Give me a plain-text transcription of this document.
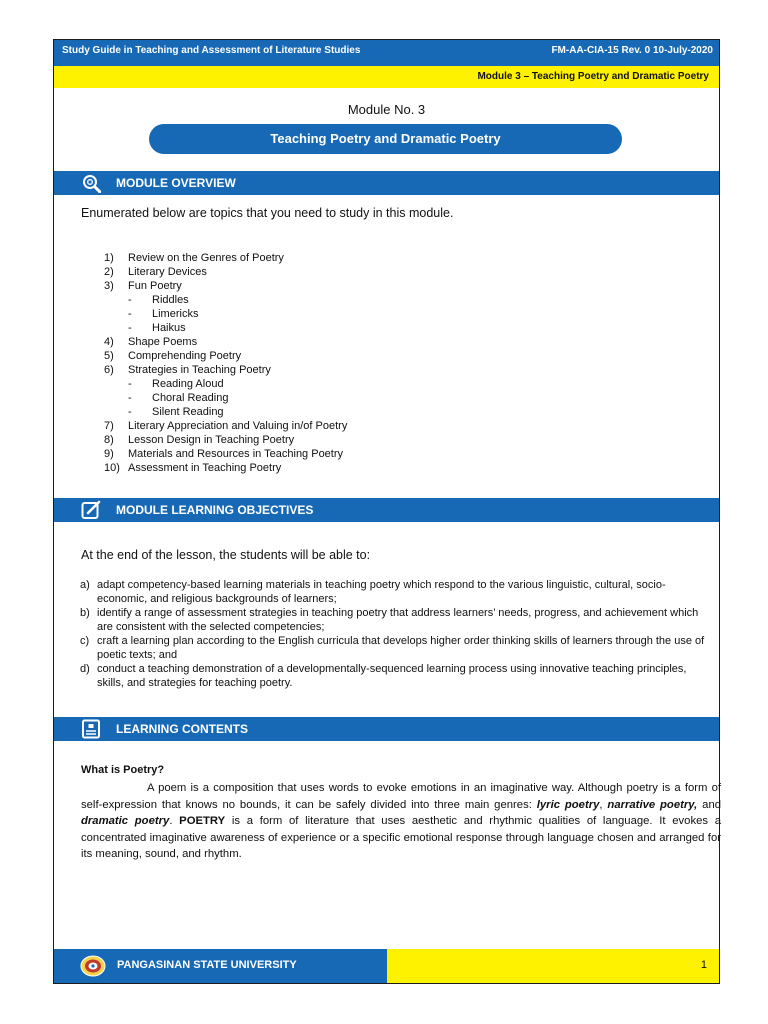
Study Guide in Teaching and Assessment of Literature Studies	FM-AA-CIA-15 Rev. 0 10-July-2020
Module 3 – Teaching Poetry and Dramatic Poetry
Module No. 3
Teaching Poetry and Dramatic Poetry
MODULE OVERVIEW
Enumerated below are topics that you need to study in this module.
1) Review on the Genres of Poetry
2) Literary Devices
3) Fun Poetry
- Riddles
- Limericks
- Haikus
4) Shape Poems
5) Comprehending Poetry
6) Strategies in Teaching Poetry
- Reading Aloud
- Choral Reading
- Silent Reading
7) Literary Appreciation and Valuing in/of Poetry
8) Lesson Design in Teaching Poetry
9) Materials and Resources in Teaching Poetry
10) Assessment in Teaching Poetry
MODULE LEARNING OBJECTIVES
At the end of the lesson, the students will be able to:
a) adapt competency-based learning materials in teaching poetry which respond to the various linguistic, cultural, socio-economic, and religious backgrounds of learners;
b) identify a range of assessment strategies in teaching poetry that address learners’ needs, progress, and achievement which are consistent with the selected competencies;
c) craft a learning plan according to the English curricula that develops higher order thinking skills of learners through the use of poetic texts; and
d) conduct a teaching demonstration of a developmentally-sequenced learning process using innovative teaching principles, skills, and strategies for teaching poetry.
LEARNING CONTENTS
What is Poetry?
A poem is a composition that uses words to evoke emotions in an imaginative way. Although poetry is a form of self-expression that knows no bounds, it can be safely divided into three main genres: lyric poetry, narrative poetry, and dramatic poetry. POETRY is a form of literature that uses aesthetic and rhythmic qualities of language. It evokes a concentrated imaginative awareness of experience or a specific emotional response through language chosen and arranged for its meaning, sound, and rhythm.
PANGASINAN STATE UNIVERSITY	1
